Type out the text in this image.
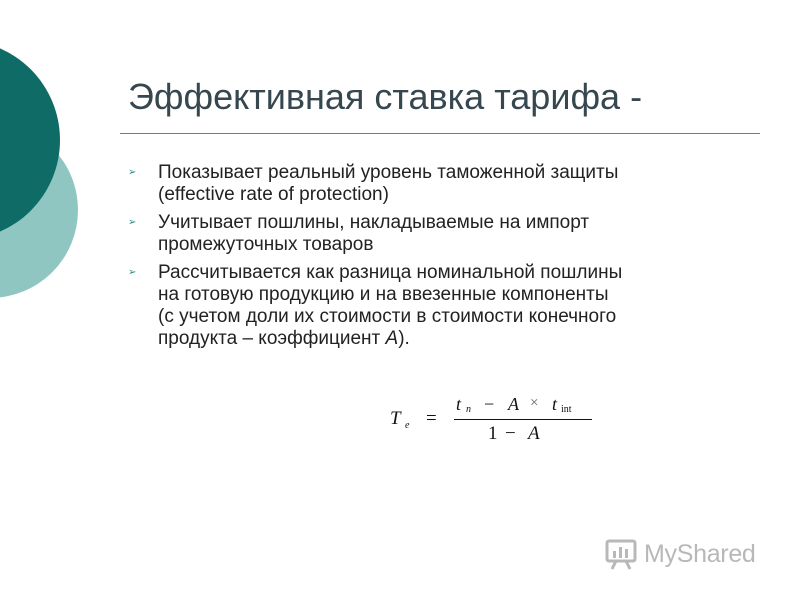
Эффективная ставка тарифа -
➢	Показывает реальный уровень таможенной защиты
(effective rate of protection)
➢	Учитывает пошлины, накладываемые на импорт
промежуточных товаров
➢	Рассчитывается как разница номинальной пошлины
на готовую продукцию и на ввезенные компоненты
(с учетом доли их стоимости в стоимости конечного
продукта – коэффициент A).
T e =
t n − A × t int
1 − A
MyShared
